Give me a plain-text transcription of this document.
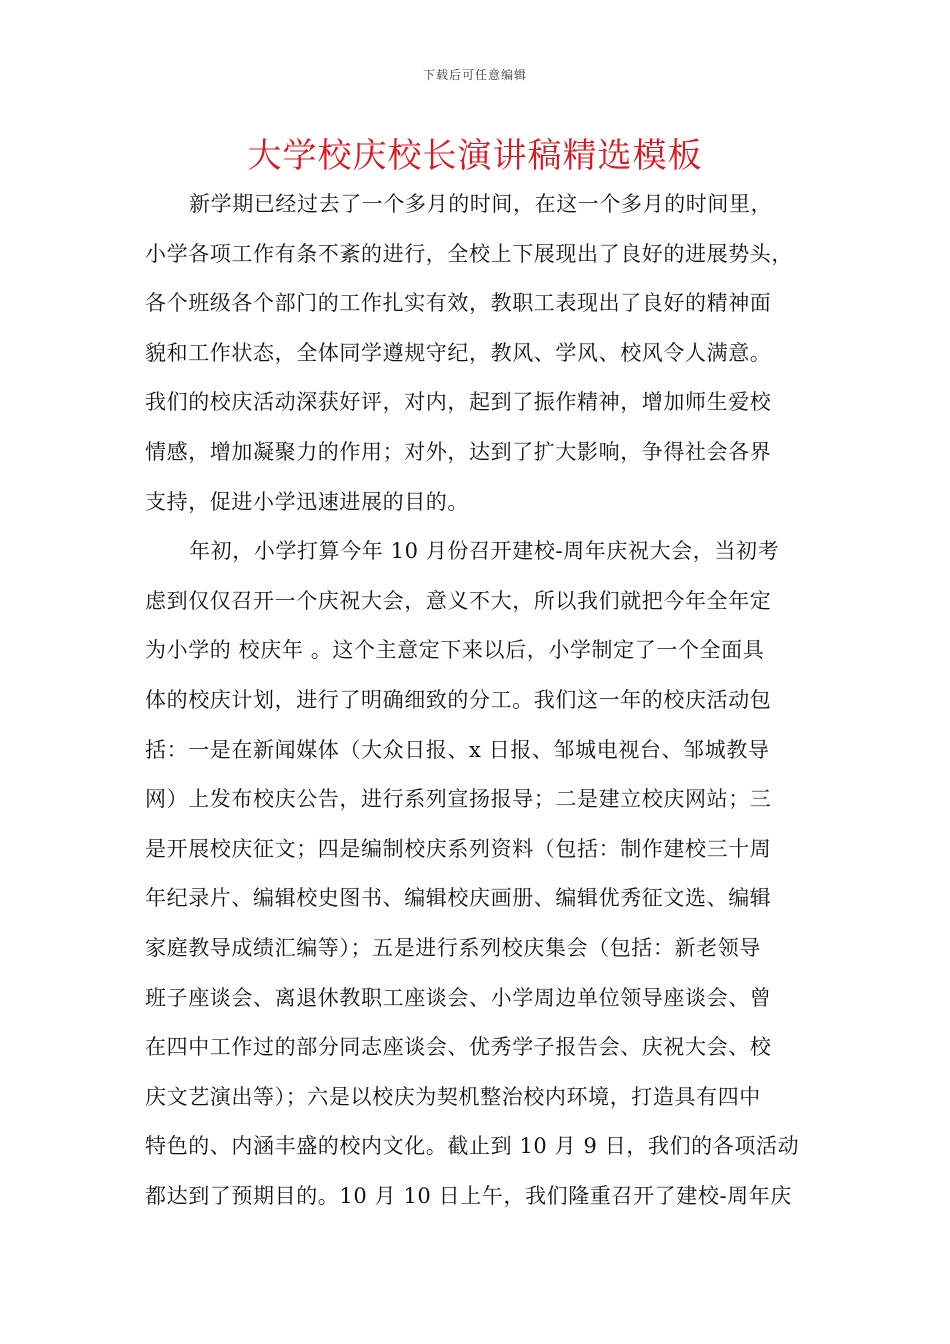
下载后可任意编辑
大学校庆校长演讲稿精选模板
新学期已经过去了一个多月的时间，在这一个多月的时间里，
小学各项工作有条不紊的进行，全校上下展现出了良好的进展势头，
各个班级各个部门的工作扎实有效，教职工表现出了良好的精神面
貌和工作状态，全体同学遵规守纪，教风、学风、校风令人满意。
我们的校庆活动深获好评，对内，起到了振作精神，增加师生爱校
情感，增加凝聚力的作用；对外，达到了扩大影响，争得社会各界
支持，促进小学迅速进展的目的。
年初，小学打算今年 10 月份召开建校-周年庆祝大会，当初考
虑到仅仅召开一个庆祝大会，意义不大，所以我们就把今年全年定
为小学的 校庆年 。这个主意定下来以后，小学制定了一个全面具
体的校庆计划，进行了明确细致的分工。我们这一年的校庆活动包
括：一是在新闻媒体（大众日报、x 日报、邹城电视台、邹城教导
网）上发布校庆公告，进行系列宣扬报导；二是建立校庆网站；三
是开展校庆征文；四是编制校庆系列资料（包括：制作建校三十周
年纪录片、编辑校史图书、编辑校庆画册、编辑优秀征文选、编辑
家庭教导成绩汇编等）；五是进行系列校庆集会（包括：新老领导
班子座谈会、离退休教职工座谈会、小学周边单位领导座谈会、曾
在四中工作过的部分同志座谈会、优秀学子报告会、庆祝大会、校
庆文艺演出等）；六是以校庆为契机整治校内环境，打造具有四中
特色的、内涵丰盛的校内文化。截止到 10 月 9 日，我们的各项活动
都达到了预期目的。10 月 10 日上午，我们隆重召开了建校-周年庆
